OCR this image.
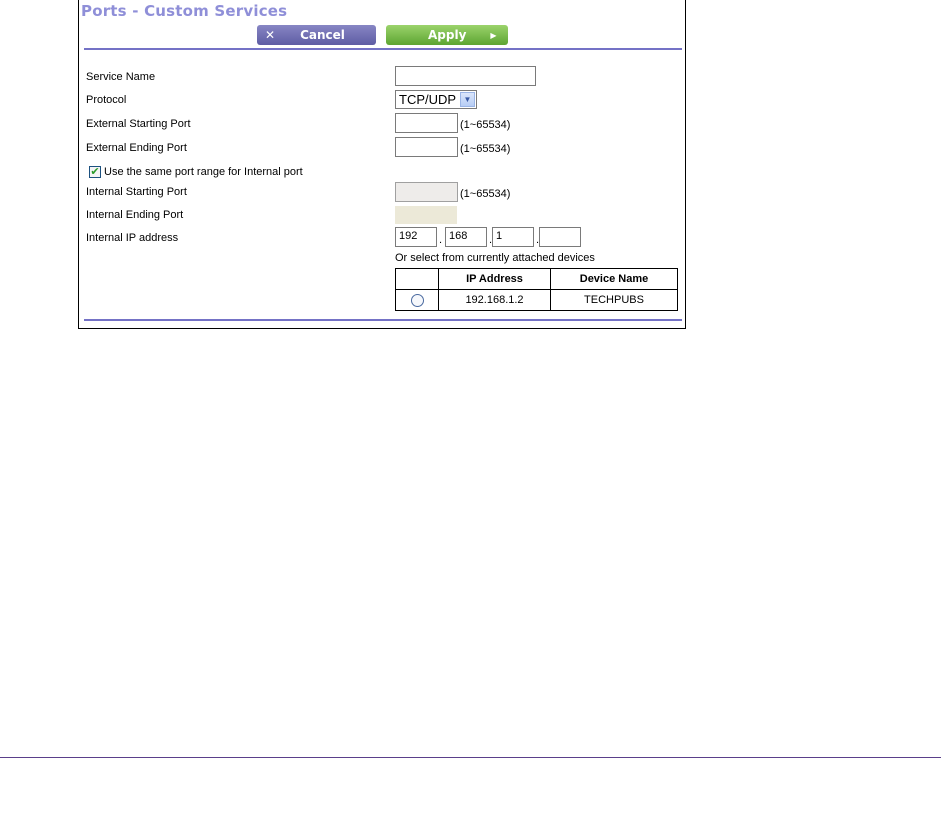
Ports - Custom Services
✕ Cancel	Apply	▶
Service Name
Protocol	TCP/UDP ▼
External Starting Port	(1~65534)
External Ending Port	(1~65534)
✔ Use the same port range for Internal port
Internal Starting Port	(1~65534)
Internal Ending Port
Internal IP address	192	. 168	. 1	.
Or select from currently attached devices
	IP Address	Device Name
	192.168.1.2	TECHPUBS
